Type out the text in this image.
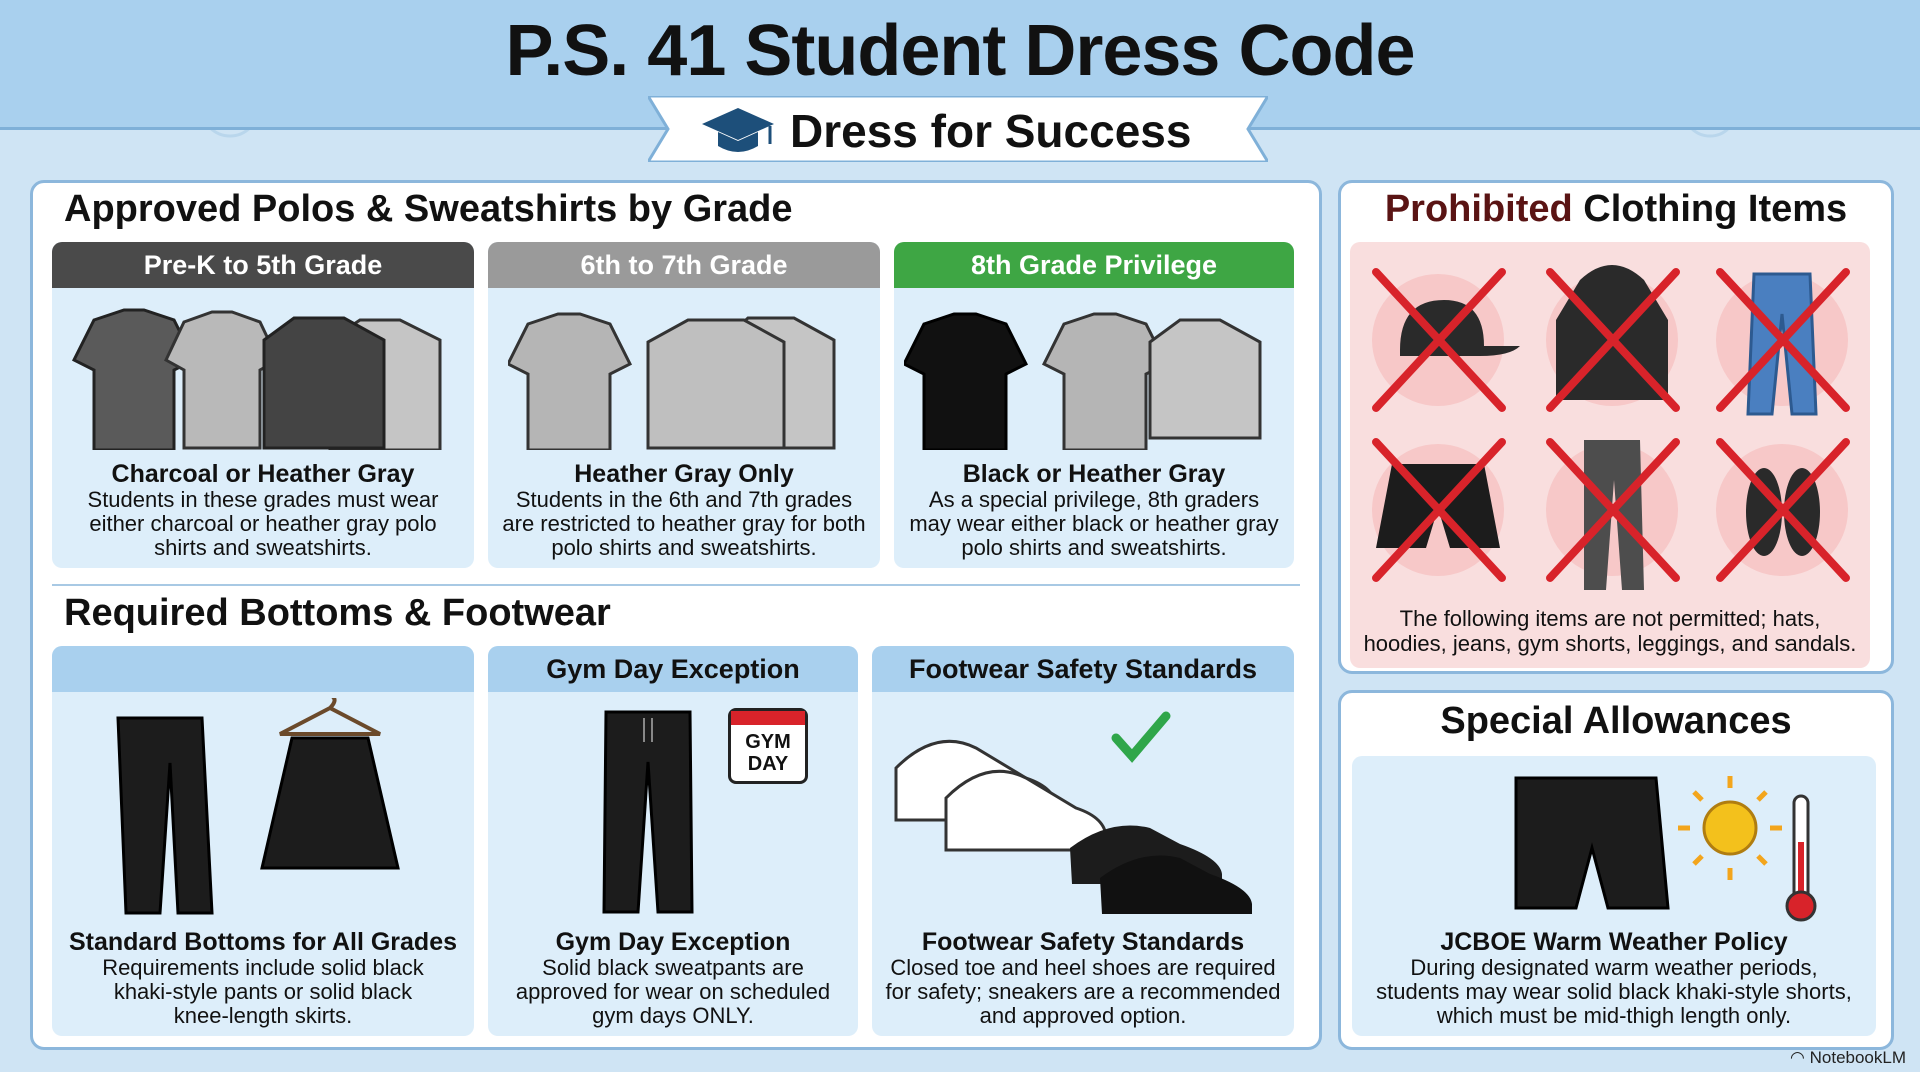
P.S. 41 Student Dress Code
Dress for Success
Approved Polos & Sweatshirts by Grade
Pre-K to 5th Grade
Charcoal or Heather Gray
Students in these grades must wear
either charcoal or heather gray polo
shirts and sweatshirts.
6th to 7th Grade
Heather Gray Only
Students in the 6th and 7th grades
are restricted to heather gray for both
polo shirts and sweatshirts.
8th Grade Privilege
Black or Heather Gray
As a special privilege, 8th graders
may wear either black or heather gray
polo shirts and sweatshirts.
Required Bottoms & Footwear
Standard Bottoms for All Grades
Requirements include solid black
khaki-style pants or solid black
knee-length skirts.
Gym Day Exception
GYM
DAY
Gym Day Exception
Solid black sweatpants are
approved for wear on scheduled
gym days ONLY.
Footwear Safety Standards
Footwear Safety Standards
Closed toe and heel shoes are required
for safety; sneakers are a recommended
and approved option.
Prohibited Clothing Items
The following items are not permitted; hats,
hoodies, jeans, gym shorts, leggings, and sandals.
Special Allowances
JCBOE Warm Weather Policy
During designated warm weather periods,
students may wear solid black khaki-style shorts,
which must be mid-thigh length only.
◠ NotebookLM
